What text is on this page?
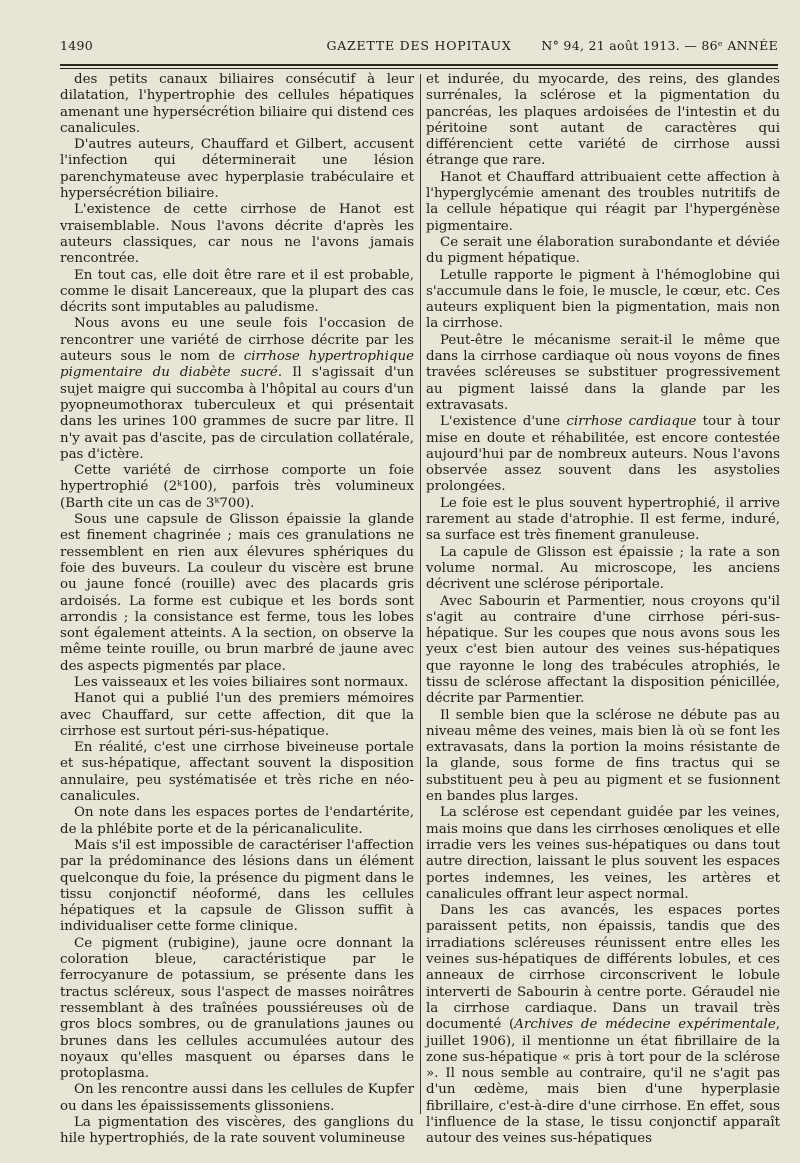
1490	GAZETTE DES HOPITAUX	N° 94, 21 août 1913. — 86ᵉ ANNÉE

des petits canaux biliaires consécutif à leur dilatation, l'hypertrophie des cellules hépatiques amenant une hypersécrétion biliaire qui distend ces canalicules.

D'autres auteurs, Chauffard et Gilbert, accusent l'infection qui déterminerait une lésion parenchymateuse avec hyperplasie trabéculaire et hypersécrétion biliaire.

L'existence de cette cirrhose de Hanot est vraisemblable. Nous l'avons décrite d'après les auteurs classiques, car nous ne l'avons jamais rencontrée.

En tout cas, elle doit être rare et il est probable, comme le disait Lancereaux, que la plupart des cas décrits sont imputables au paludisme.

Nous avons eu une seule fois l'occasion de rencontrer une variété de cirrhose décrite par les auteurs sous le nom de cirrhose hypertrophique pigmentaire du diabète sucré. Il s'agissait d'un sujet maigre qui succomba à l'hôpital au cours d'un pyopneumothorax tuberculeux et qui présentait dans les urines 100 grammes de sucre par litre. Il n'y avait pas d'ascite, pas de circulation collatérale, pas d'ictère.

Cette variété de cirrhose comporte un foie hypertrophié (2ᵏ100), parfois très volumineux (Barth cite un cas de 3ᵏ700).

Sous une capsule de Glisson épaissie la glande est finement chagrinée ; mais ces granulations ne ressemblent en rien aux élevures sphériques du foie des buveurs. La couleur du viscère est brune ou jaune foncé (rouille) avec des placards gris ardoisés. La forme est cubique et les bords sont arrondis ; la consistance est ferme, tous les lobes sont également atteints. A la section, on observe la même teinte rouille, ou brun marbré de jaune avec des aspects pigmentés par place.

Les vaisseaux et les voies biliaires sont normaux.

Hanot qui a publié l'un des premiers mémoires avec Chauffard, sur cette affection, dit que la cirrhose est surtout péri-sus-hépatique.

En réalité, c'est une cirrhose biveineuse portale et sus-hépatique, affectant souvent la disposition annulaire, peu systématisée et très riche en néo-canalicules.

On note dans les espaces portes de l'endartérite, de la phlébite porte et de la péricanaliculite.

Mais s'il est impossible de caractériser l'affection par la prédominance des lésions dans un élément quelconque du foie, la présence du pigment dans le tissu conjonctif néoformé, dans les cellules hépatiques et la capsule de Glisson suffit à individualiser cette forme clinique.

Ce pigment (rubigine), jaune ocre donnant la coloration bleue, caractéristique par le ferrocyanure de potassium, se présente dans les tractus scléreux, sous l'aspect de masses noirâtres ressemblant à des traînées poussiéreuses où de gros blocs sombres, ou de granulations jaunes ou brunes dans les cellules accumulées autour des noyaux qu'elles masquent ou éparses dans le protoplasma.

On les rencontre aussi dans les cellules de Kupfer ou dans les épaississements glissoniens.

La pigmentation des viscères, des ganglions du hile hypertrophiés, de la rate souvent volumineuse

et indurée, du myocarde, des reins, des glandes surrénales, la sclérose et la pigmentation du pancréas, les plaques ardoisées de l'intestin et du péritoine sont autant de caractères qui différencient cette variété de cirrhose aussi étrange que rare.

Hanot et Chauffard attribuaient cette affection à l'hyperglycémie amenant des troubles nutritifs de la cellule hépatique qui réagit par l'hypergénèse pigmentaire.

Ce serait une élaboration surabondante et déviée du pigment hépatique.

Letulle rapporte le pigment à l'hémoglobine qui s'accumule dans le foie, le muscle, le cœur, etc. Ces auteurs expliquent bien la pigmentation, mais non la cirrhose.

Peut-être le mécanisme serait-il le même que dans la cirrhose cardiaque où nous voyons de fines travées scléreuses se substituer progressivement au pigment laissé dans la glande par les extravasats.

L'existence d'une cirrhose cardiaque tour à tour mise en doute et réhabilitée, est encore contestée aujourd'hui par de nombreux auteurs. Nous l'avons observée assez souvent dans les asystolies prolongées.

Le foie est le plus souvent hypertrophié, il arrive rarement au stade d'atrophie. Il est ferme, induré, sa surface est très finement granuleuse.

La capule de Glisson est épaissie ; la rate a son volume normal. Au microscope, les anciens décrivent une sclérose périportale.

Avec Sabourin et Parmentier, nous croyons qu'il s'agit au contraire d'une cirrhose péri-sus-hépatique. Sur les coupes que nous avons sous les yeux c'est bien autour des veines sus-hépatiques que rayonne le long des trabécules atrophiés, le tissu de sclérose affectant la disposition pénicillée, décrite par Parmentier.

Il semble bien que la sclérose ne débute pas au niveau même des veines, mais bien là où se font les extravasats, dans la portion la moins résistante de la glande, sous forme de fins tractus qui se substituent peu à peu au pigment et se fusionnent en bandes plus larges.

La sclérose est cependant guidée par les veines, mais moins que dans les cirrhoses œnoliques et elle irradie vers les veines sus-hépatiques ou dans tout autre direction, laissant le plus souvent les espaces portes indemnes, les veines, les artères et canalicules offrant leur aspect normal.

Dans les cas avancés, les espaces portes paraissent petits, non épaissis, tandis que des irradiations scléreuses réunissent entre elles les veines sus-hépatiques de différents lobules, et ces anneaux de cirrhose circonscrivent le lobule interverti de Sabourin à centre porte. Géraudel nie la cirrhose cardiaque. Dans un travail très documenté (Archives de médecine expérimentale, juillet 1906), il mentionne un état fibrillaire de la zone sus-hépatique « pris à tort pour de la sclérose ». Il nous semble au contraire, qu'il ne s'agit pas d'un œdème, mais bien d'une hyperplasie fibrillaire, c'est-à-dire d'une cirrhose. En effet, sous l'influence de la stase, le tissu conjonctif apparaît autour des veines sus-hépatiques
